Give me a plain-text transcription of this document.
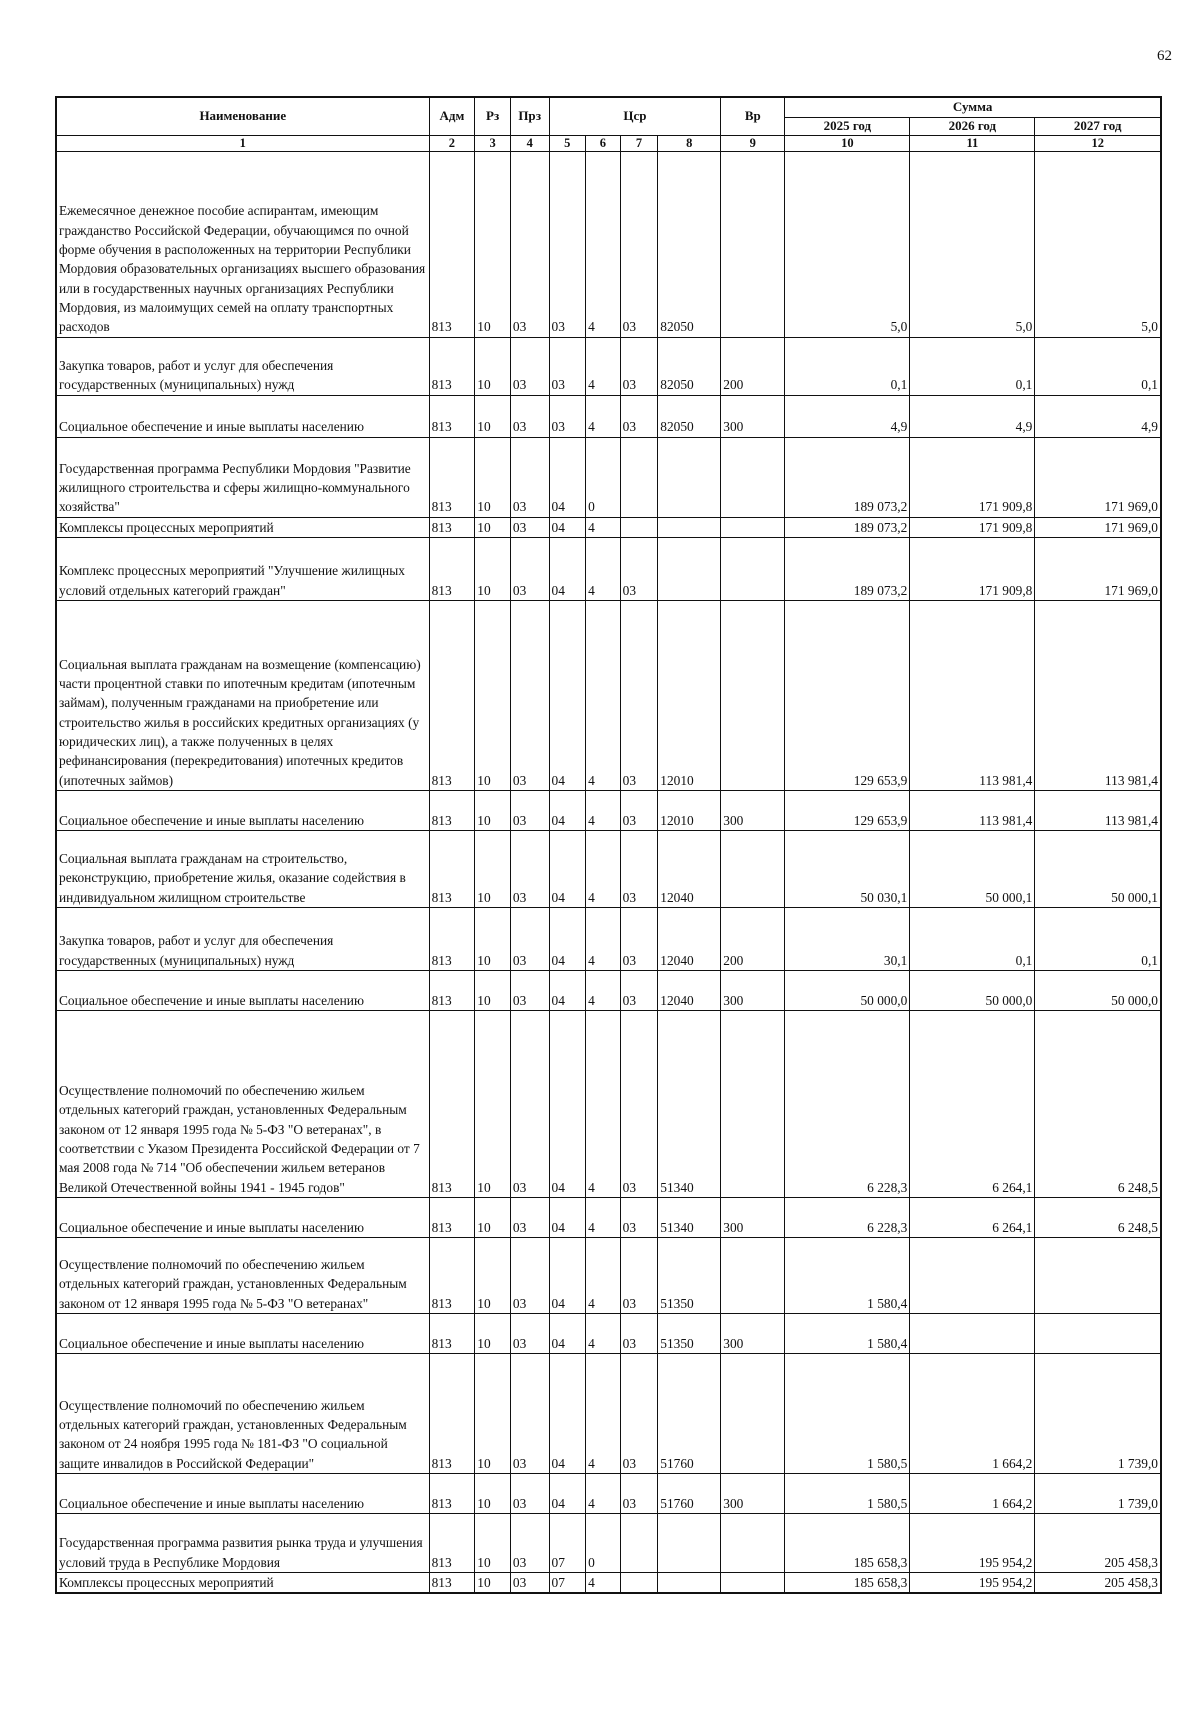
62
Наименование	Адм	Рз	Прз	Цср				Вр	Сумма		
									2025 год	2026 год	2027 год
1	2	3	4	5	6	7	8	9	10	11	12
Ежемесячное денежное пособие аспирантам, имеющим гражданство Российской Федерации, обучающимся по очной форме обучения в расположенных на территории Республики Мордовия образовательных организациях высшего образования или в государственных научных организациях Республики Мордовия, из малоимущих семей на оплату транспортных расходов	813	10	03	03	4	03	82050		5,0	5,0	5,0
Закупка товаров, работ и услуг для обеспечения государственных (муниципальных) нужд	813	10	03	03	4	03	82050	200	0,1	0,1	0,1
Социальное обеспечение и иные выплаты населению	813	10	03	03	4	03	82050	300	4,9	4,9	4,9
Государственная программа Республики Мордовия "Развитие жилищного строительства и сферы жилищно-коммунального хозяйства"	813	10	03	04	0				189 073,2	171 909,8	171 969,0
Комплексы процессных мероприятий	813	10	03	04	4				189 073,2	171 909,8	171 969,0
Комплекс процессных мероприятий "Улучшение жилищных условий отдельных категорий граждан"	813	10	03	04	4	03			189 073,2	171 909,8	171 969,0
Социальная выплата гражданам на возмещение (компенсацию) части процентной ставки по ипотечным кредитам (ипотечным займам), полученным гражданами на приобретение или строительство жилья в российских кредитных организациях (у юридических лиц), а также полученных в целях рефинансирования (перекредитования) ипотечных кредитов (ипотечных займов)	813	10	03	04	4	03	12010		129 653,9	113 981,4	113 981,4
Социальное обеспечение и иные выплаты населению	813	10	03	04	4	03	12010	300	129 653,9	113 981,4	113 981,4
Социальная выплата гражданам на строительство, реконструкцию, приобретение жилья, оказание содействия в индивидуальном жилищном строительстве	813	10	03	04	4	03	12040		50 030,1	50 000,1	50 000,1
Закупка товаров, работ и услуг для обеспечения государственных (муниципальных) нужд	813	10	03	04	4	03	12040	200	30,1	0,1	0,1
Социальное обеспечение и иные выплаты населению	813	10	03	04	4	03	12040	300	50 000,0	50 000,0	50 000,0
Осуществление полномочий по обеспечению жильем отдельных категорий граждан, установленных Федеральным законом от 12 января 1995 года № 5-ФЗ "О ветеранах", в соответствии с Указом Президента Российской Федерации от 7 мая 2008 года № 714 "Об обеспечении жильем ветеранов Великой Отечественной войны 1941 - 1945 годов"	813	10	03	04	4	03	51340		6 228,3	6 264,1	6 248,5
Социальное обеспечение и иные выплаты населению	813	10	03	04	4	03	51340	300	6 228,3	6 264,1	6 248,5
Осуществление полномочий по обеспечению жильем отдельных категорий граждан, установленных Федеральным законом от 12 января 1995 года № 5-ФЗ "О ветеранах"	813	10	03	04	4	03	51350		1 580,4		
Социальное обеспечение и иные выплаты населению	813	10	03	04	4	03	51350	300	1 580,4		
Осуществление полномочий по обеспечению жильем отдельных категорий граждан, установленных Федеральным законом от 24 ноября 1995 года № 181-ФЗ "О социальной защите инвалидов в Российской Федерации"	813	10	03	04	4	03	51760		1 580,5	1 664,2	1 739,0
Социальное обеспечение и иные выплаты населению	813	10	03	04	4	03	51760	300	1 580,5	1 664,2	1 739,0
Государственная программа развития рынка труда и улучшения условий труда в Республике Мордовия	813	10	03	07	0				185 658,3	195 954,2	205 458,3
Комплексы процессных мероприятий	813	10	03	07	4				185 658,3	195 954,2	205 458,3
